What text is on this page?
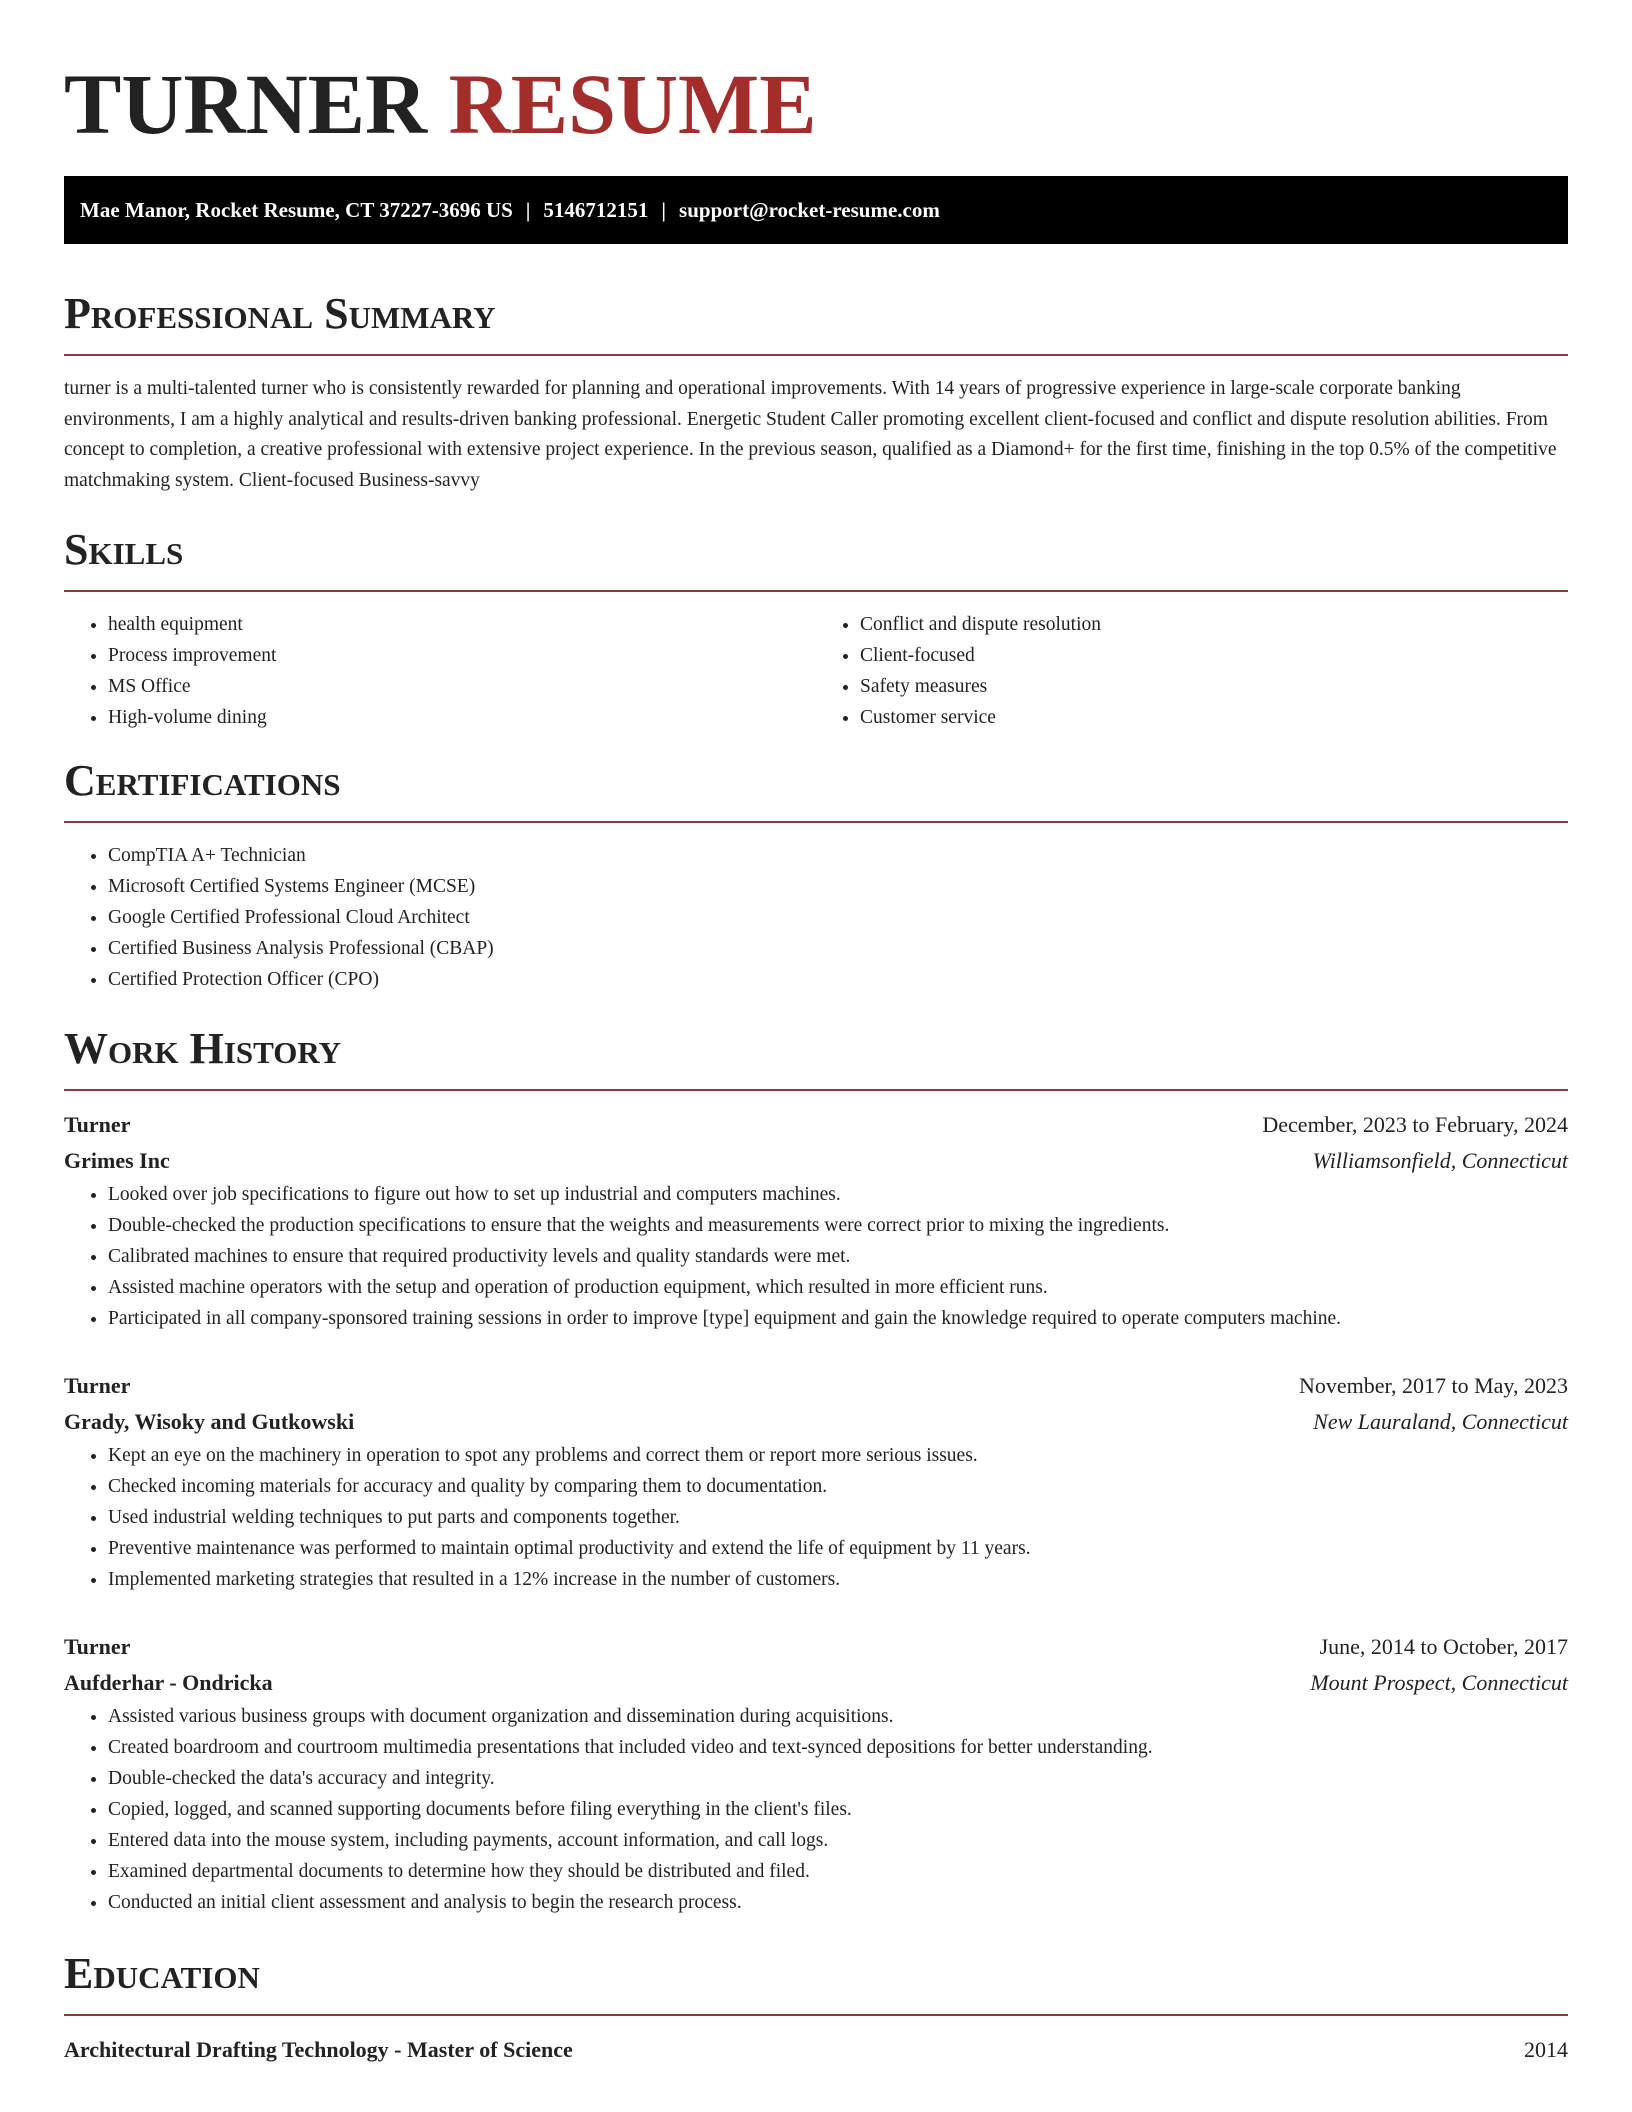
TURNER RESUME
Mae Manor, Rocket Resume, CT 37227-3696 US | 5146712151 | support@rocket-resume.com
Professional Summary

turner is a multi-talented turner who is consistently rewarded for planning and operational improvements. With 14 years of progressive experience in large-scale corporate banking environments, I am a highly analytical and results-driven banking professional. Energetic Student Caller promoting excellent client-focused and conflict and dispute resolution abilities. From concept to completion, a creative professional with extensive project experience. In the previous season, qualified as a Diamond+ for the first time, finishing in the top 0.5% of the competitive matchmaking system. Client-focused Business-savvy

Skills
• health equipment
• Process improvement
• MS Office
• High-volume dining
• Conflict and dispute resolution
• Client-focused
• Safety measures
• Customer service
Certifications
• CompTIA A+ Technician
• Microsoft Certified Systems Engineer (MCSE)
• Google Certified Professional Cloud Architect
• Certified Business Analysis Professional (CBAP)
• Certified Protection Officer (CPO)
Work History
Turner	December, 2023 to February, 2024
Grimes Inc	Williamsonfield, Connecticut
• Looked over job specifications to figure out how to set up industrial and computers machines.
• Double-checked the production specifications to ensure that the weights and measurements were correct prior to mixing the ingredients.
• Calibrated machines to ensure that required productivity levels and quality standards were met.
• Assisted machine operators with the setup and operation of production equipment, which resulted in more efficient runs.
• Participated in all company-sponsored training sessions in order to improve [type] equipment and gain the knowledge required to operate computers machine.
Turner	November, 2017 to May, 2023
Grady, Wisoky and Gutkowski	New Lauraland, Connecticut
• Kept an eye on the machinery in operation to spot any problems and correct them or report more serious issues.
• Checked incoming materials for accuracy and quality by comparing them to documentation.
• Used industrial welding techniques to put parts and components together.
• Preventive maintenance was performed to maintain optimal productivity and extend the life of equipment by 11 years.
• Implemented marketing strategies that resulted in a 12% increase in the number of customers.
Turner	June, 2014 to October, 2017
Aufderhar - Ondricka	Mount Prospect, Connecticut
• Assisted various business groups with document organization and dissemination during acquisitions.
• Created boardroom and courtroom multimedia presentations that included video and text-synced depositions for better understanding.
• Double-checked the data's accuracy and integrity.
• Copied, logged, and scanned supporting documents before filing everything in the client's files.
• Entered data into the mouse system, including payments, account information, and call logs.
• Examined departmental documents to determine how they should be distributed and filed.
• Conducted an initial client assessment and analysis to begin the research process.
Education
Architectural Drafting Technology - Master of Science	2014
